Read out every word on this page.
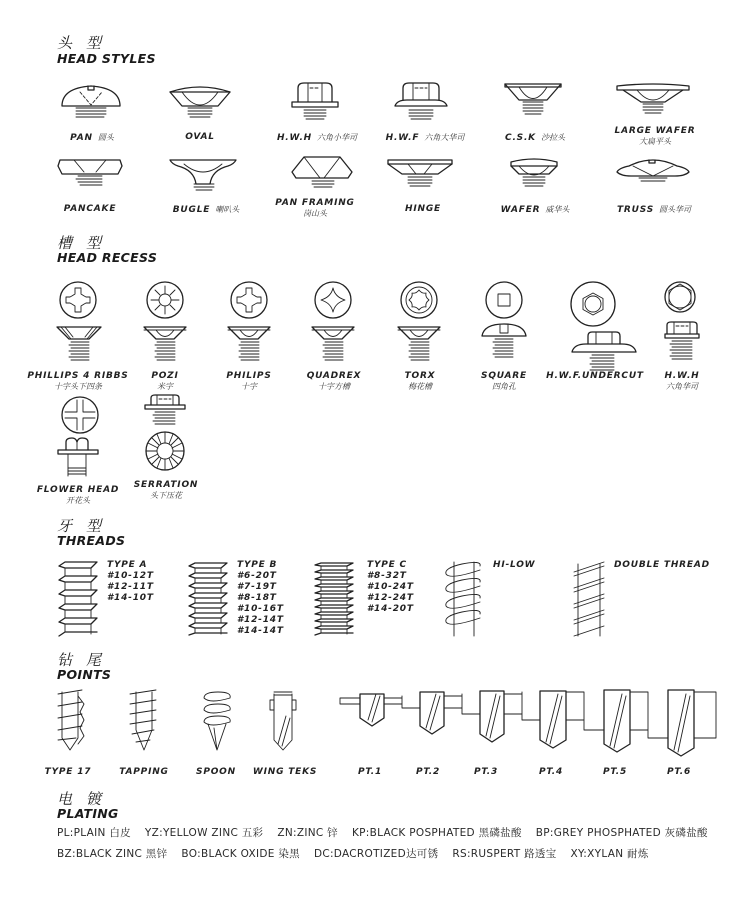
头型
HEAD STYLES
PAN 圆头	OVAL	H.W.H 六角小华司	H.W.F 六角大华司	C.S.K 沙拉头
LARGE WAFER
大扁平头
PANCAKE	BUGLE 喇叭头
PAN FRAMING
岗山头	HINGE	WAFER 威华头	TRUSS 圆头华司
槽型
HEAD RECESS
PHILLIPS 4 RIBBS
十字头下四条
POZI
米字
PHILIPS
十字
QUADREX
十字方槽
TORX
梅花槽
SQUARE
四角孔
H.W.F.UNDERCUT	H.W.H
六角华司
FLOWER HEAD
开花头
SERRATION
头下压花
牙型
THREADS
TYPE A
#10-12T
#12-11T
#14-10T
TYPE B
#6-20T
#7-19T
#8-18T
#10-16T
#12-14T
#14-14T
TYPE C
#8-32T
#10-24T
#12-24T
#14-20T
HI-LOW	DOUBLE THREAD
钻尾
POINTS
TYPE 17	TAPPING	SPOON	WING TEKS	PT.1	PT.2	PT.3	PT.4	PT.5	PT.6
电镀
PLATING
PL:PLAIN 白皮 YZ:YELLOW ZINC 五彩 ZN:ZINC 锌 KP:BLACK POSPHATED 黑磷盐酸 BP:GREY PHOSPHATED 灰磷盐酸
BZ:BLACK ZINC 黑锌 BO:BLACK OXIDE 染黑 DC:DACROTIZED达可锈 RS:RUSPERT 路透宝 XY:XYLAN 耐炼
